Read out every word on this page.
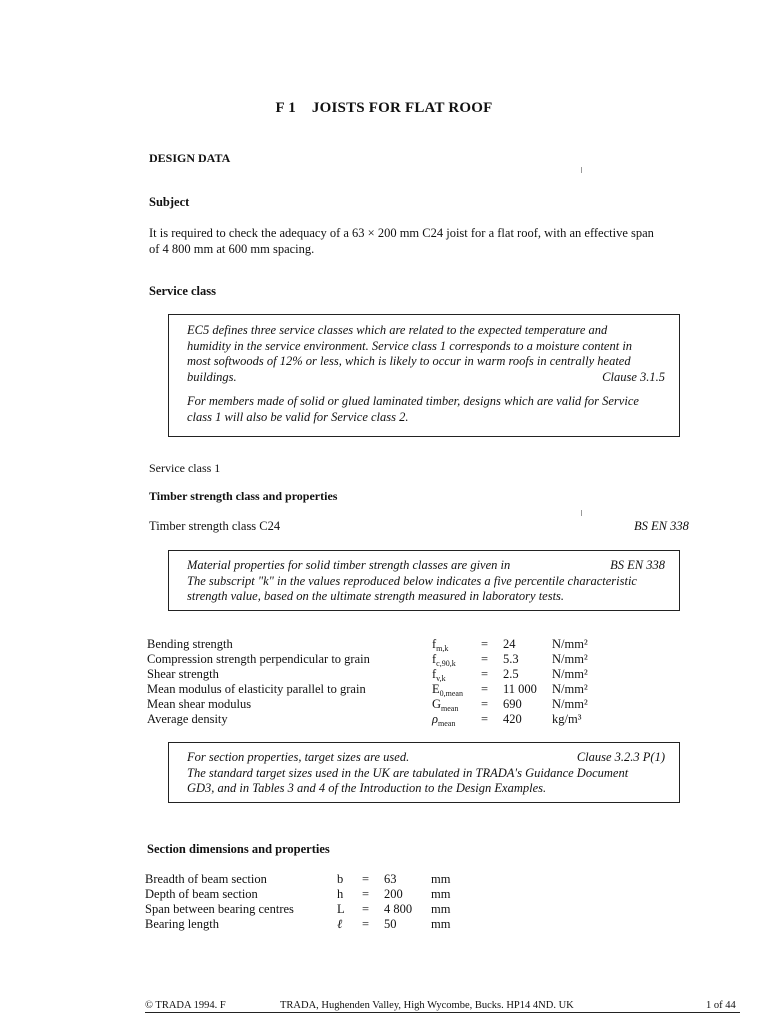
F 1 JOISTS FOR FLAT ROOF
DESIGN DATA
Subject
It is required to check the adequacy of a 63 × 200 mm C24 joist for a flat roof, with an effective span
of 4 800 mm at 600 mm spacing.
Service class

EC5 defines three service classes which are related to the expected temperature and

humidity in the service environment. Service class 1 corresponds to a moisture content in

most softwoods of 12% or less, which is likely to occur in warm roofs in centrally heated

buildings.	Clause 3.1.5

For members made of solid or glued laminated timber, designs which are valid for Service

class 1 will also be valid for Service class 2.

Service class 1
Timber strength class and properties
Timber strength class C24	BS EN 338
Material properties for solid timber strength classes are given in	BS EN 338

The subscript "k" in the values reproduced below indicates a five percentile characteristic

strength value, based on the ultimate strength measured in laboratory tests.

Bending strength	$f_{m,k}$	= 24	N/mm²
Compression strength perpendicular to grain	$f_{c,90,k} = 5.3$	N/mm²
Shear strength	$f_{v,k}$	= 2.5	N/mm²
Mean modulus of elasticity parallel to grain	$E_{0,mean} = 11$ 000 N/mm²
Mean shear modulus	$G_{mean} = 690$ N/mm²
Average density	$\rho_{mean} = 420$ kg/m³
For section properties, target sizes are used.	Clause 3.2.3 P(1)

The standard target sizes used in the UK are tabulated in TRADA's Guidance Document

GD3, and in Tables 3 and 4 of the Introduction to the Design Examples.

Section dimensions and properties
Breadth of beam section	b = 63	mm
Depth of beam section	h = 200 mm
Span between bearing centres	L = 4 800 mm
Bearing length	ℓ = 50	mm
© TRADA 1994. F	TRADA, Hughenden Valley, High Wycombe, Bucks. HP14 4ND. UK	1 of 44
